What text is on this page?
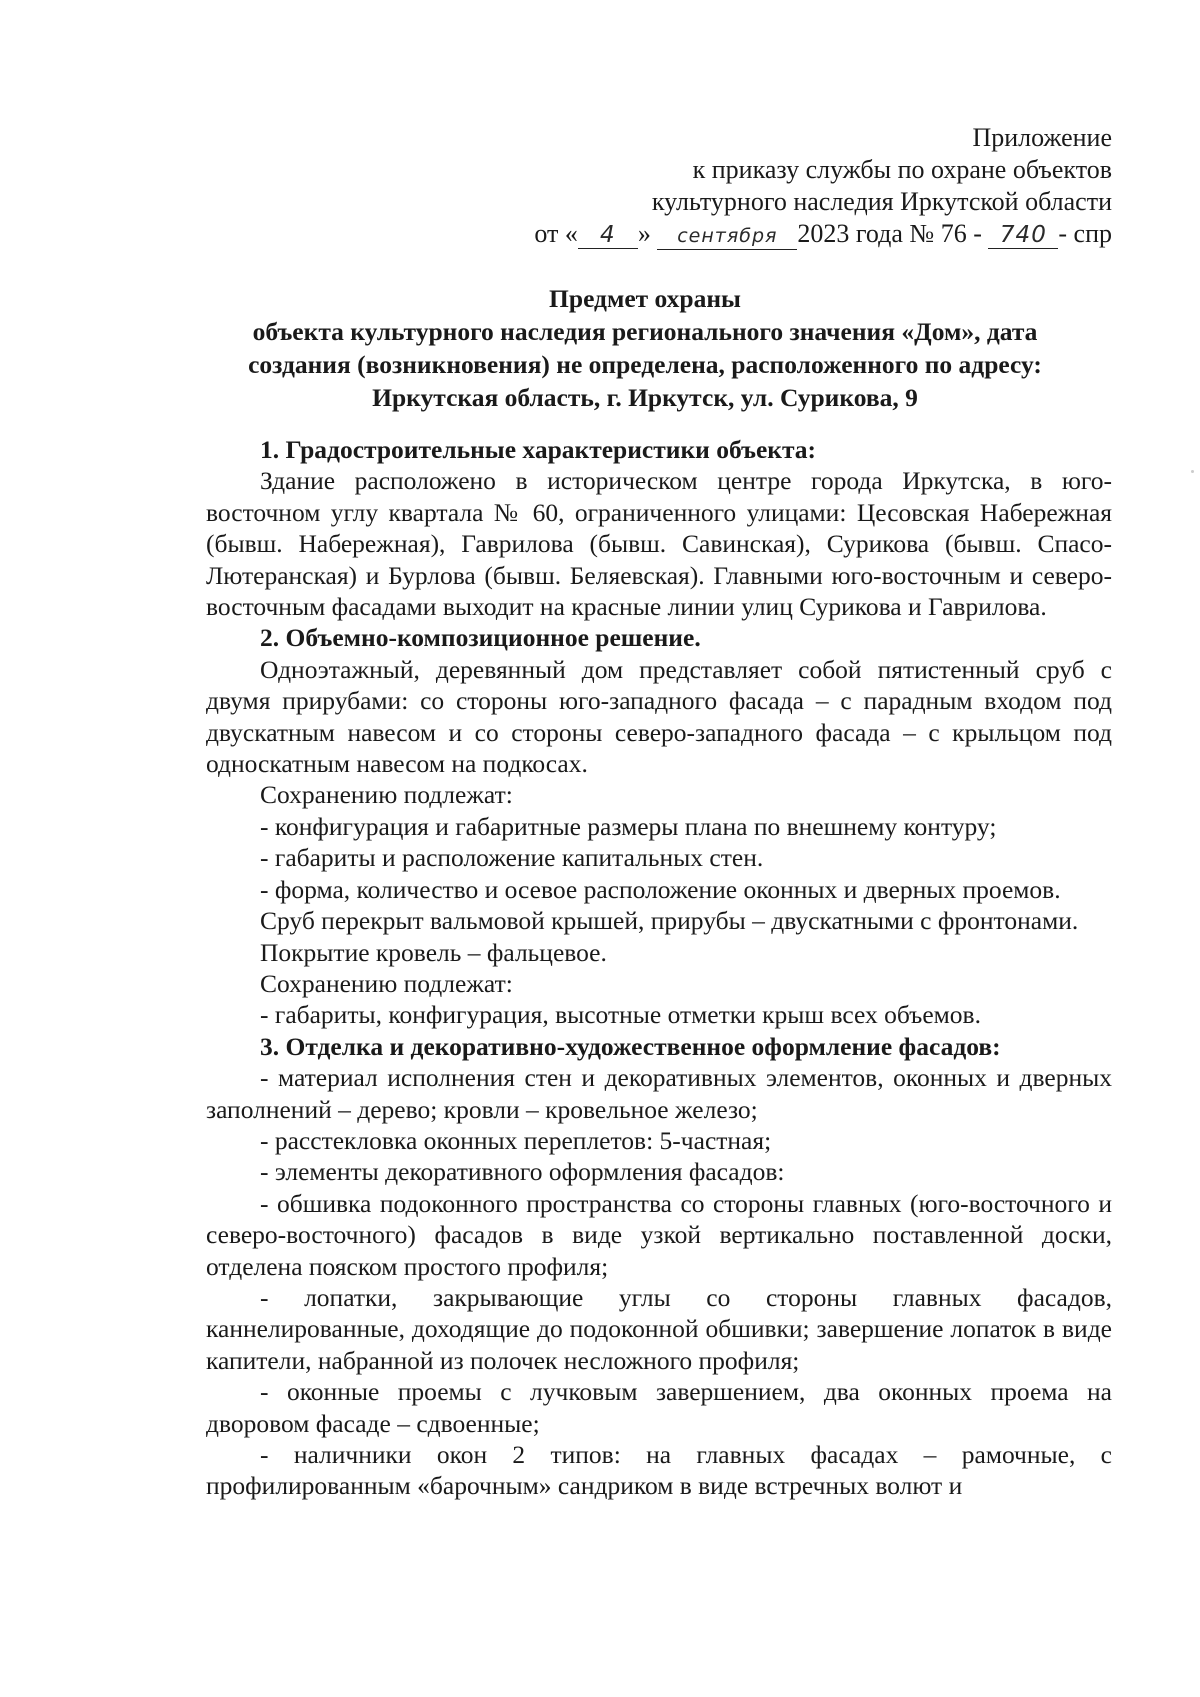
Приложение
к приказу службы по охране объектов
культурного наследия Иркутской области
от « 4 » сентября 2023 года № 76 - 740 - спр
Предмет охраны
объекта культурного наследия регионального значения «Дом», дата создания (возникновения) не определена, расположенного по адресу: Иркутская область, г. Иркутск, ул. Сурикова, 9

1. Градостроительные характеристики объекта:

Здание расположено в историческом центре города Иркутска, в юго-восточном углу квартала № 60, ограниченного улицами: Цесовская Набережная (бывш. Набережная), Гаврилова (бывш. Савинская), Сурикова (бывш. Спасо-Лютеранская) и Бурлова (бывш. Беляевская). Главными юго-восточным и северо-восточным фасадами выходит на красные линии улиц Сурикова и Гаврилова.

2. Объемно-композиционное решение.

Одноэтажный, деревянный дом представляет собой пятистенный сруб с двумя прирубами: со стороны юго-западного фасада – с парадным входом под двускатным навесом и со стороны северо-западного фасада – с крыльцом под односкатным навесом на подкосах.

Сохранению подлежат:

- конфигурация и габаритные размеры плана по внешнему контуру;

- габариты и расположение капитальных стен.

- форма, количество и осевое расположение оконных и дверных проемов.

Сруб перекрыт вальмовой крышей, прирубы – двускатными с фронтонами.

Покрытие кровель – фальцевое.

Сохранению подлежат:

- габариты, конфигурация, высотные отметки крыш всех объемов.

3. Отделка и декоративно-художественное оформление фасадов:

- материал исполнения стен и декоративных элементов, оконных и дверных заполнений – дерево; кровли – кровельное железо;

- расстекловка оконных переплетов: 5-частная;

- элементы декоративного оформления фасадов:

- обшивка подоконного пространства со стороны главных (юго-восточного и северо-восточного) фасадов в виде узкой вертикально поставленной доски, отделена пояском простого профиля;

- лопатки, закрывающие углы со стороны главных фасадов, каннелированные, доходящие до подоконной обшивки; завершение лопаток в виде капители, набранной из полочек несложного профиля;

- оконные проемы с лучковым завершением, два оконных проема на дворовом фасаде – сдвоенные;

- наличники окон 2 типов: на главных фасадах – рамочные, с профилированным «барочным» сандриком в виде встречных волют и
